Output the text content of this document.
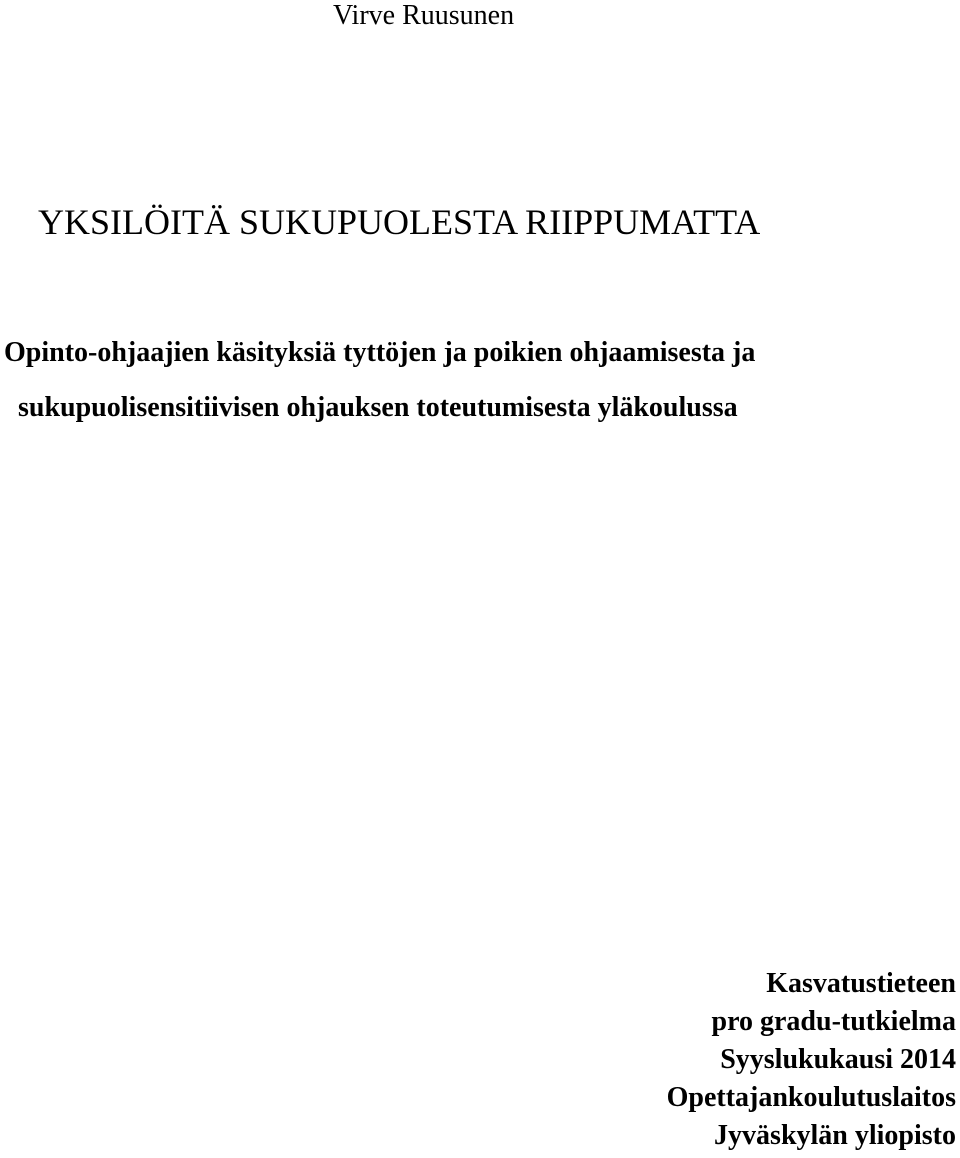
Virve Ruusunen
YKSILÖITÄ SUKUPUOLESTA RIIPPUMATTA
Opinto-ohjaajien käsityksiä tyttöjen ja poikien ohjaamisesta ja
sukupuolisensitiivisen ohjauksen toteutumisesta yläkoulussa
Kasvatustieteen
pro gradu-tutkielma
Syyslukukausi 2014
Opettajankoulutuslaitos
Jyväskylän yliopisto
